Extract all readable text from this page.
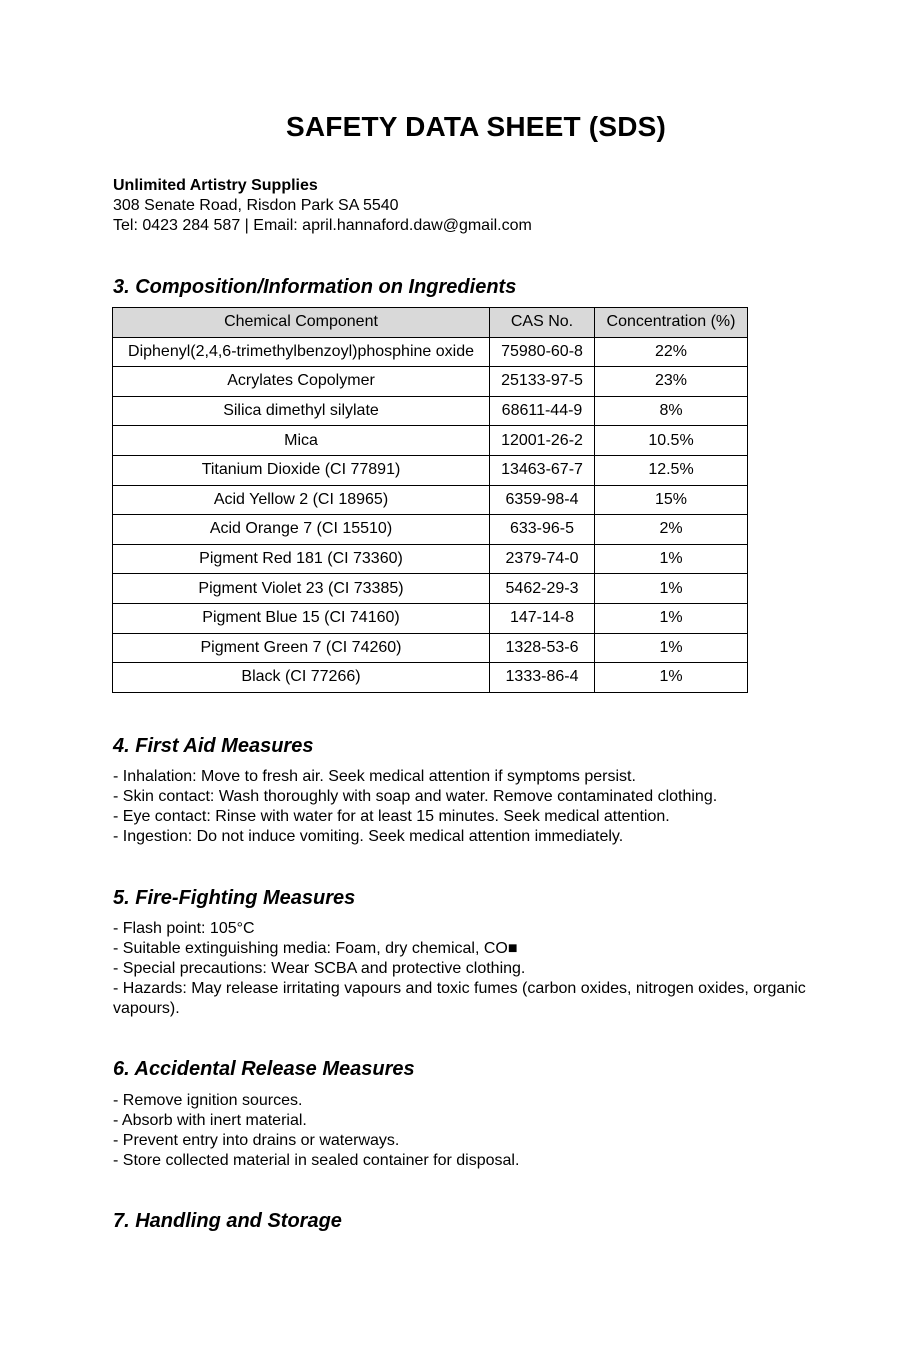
SAFETY DATA SHEET (SDS)
Unlimited Artistry Supplies
308 Senate Road, Risdon Park SA 5540
Tel: 0423 284 587 | Email: april.hannaford.daw@gmail.com
3. Composition/Information on Ingredients
Chemical Component	CAS No.	Concentration (%)
Diphenyl(2,4,6-trimethylbenzoyl)phosphine oxide	75980-60-8	22%
Acrylates Copolymer	25133-97-5	23%
Silica dimethyl silylate	68611-44-9	8%
Mica	12001-26-2	10.5%
Titanium Dioxide (CI 77891)	13463-67-7	12.5%
Acid Yellow 2 (CI 18965)	6359-98-4	15%
Acid Orange 7 (CI 15510)	633-96-5	2%
Pigment Red 181 (CI 73360)	2379-74-0	1%
Pigment Violet 23 (CI 73385)	5462-29-3	1%
Pigment Blue 15 (CI 74160)	147-14-8	1%
Pigment Green 7 (CI 74260)	1328-53-6	1%
Black (CI 77266)	1333-86-4	1%
4. First Aid Measures
- Inhalation: Move to fresh air. Seek medical attention if symptoms persist.
- Skin contact: Wash thoroughly with soap and water. Remove contaminated clothing.
- Eye contact: Rinse with water for at least 15 minutes. Seek medical attention.
- Ingestion: Do not induce vomiting. Seek medical attention immediately.
5. Fire-Fighting Measures
- Flash point: 105°C
- Suitable extinguishing media: Foam, dry chemical, CO■
- Special precautions: Wear SCBA and protective clothing.
- Hazards: May release irritating vapours and toxic fumes (carbon oxides, nitrogen oxides, organic vapours).
6. Accidental Release Measures
- Remove ignition sources.
- Absorb with inert material.
- Prevent entry into drains or waterways.
- Store collected material in sealed container for disposal.
7. Handling and Storage
